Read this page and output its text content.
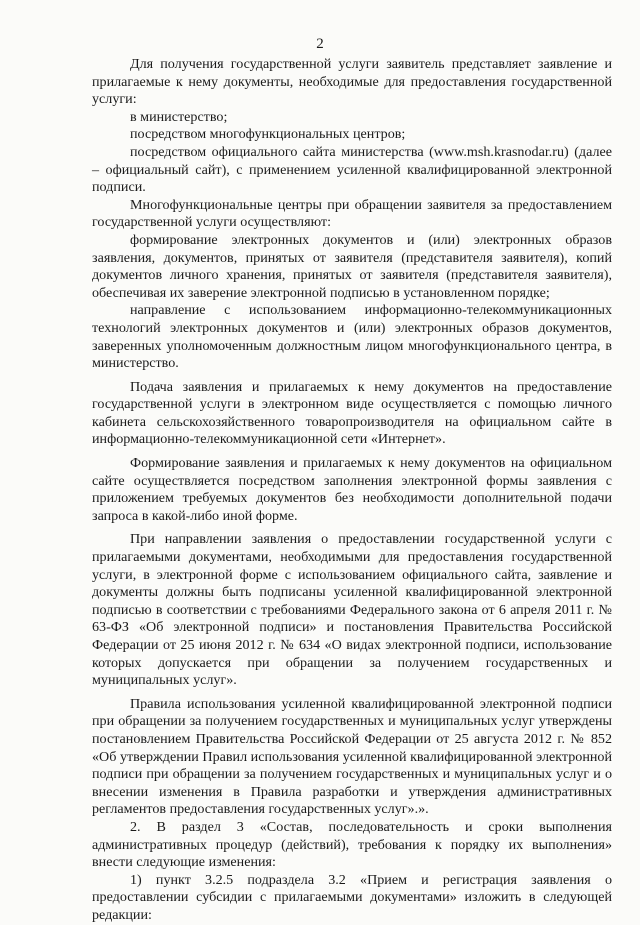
2

Для получения государственной услуги заявитель представляет заявление и прилагаемые к нему документы, необходимые для предоставления государственной услуги:

в министерство;

посредством многофункциональных центров;

посредством официального сайта министерства (www.msh.krasnodar.ru) (далее – официальный сайт), с применением усиленной квалифицированной электронной подписи.

Многофункциональные центры при обращении заявителя за предоставлением государственной услуги осуществляют:

формирование электронных документов и (или) электронных образов заявления, документов, принятых от заявителя (представителя заявителя), копий документов личного хранения, принятых от заявителя (представителя заявителя), обеспечивая их заверение электронной подписью в установленном порядке;

направление с использованием информационно-телекоммуникационных технологий электронных документов и (или) электронных образов документов, заверенных уполномоченным должностным лицом многофункционального центра, в министерство.

Подача заявления и прилагаемых к нему документов на предоставление государственной услуги в электронном виде осуществляется с помощью личного кабинета сельскохозяйственного товаропроизводителя на официальном сайте в информационно-телекоммуникационной сети «Интернет».

Формирование заявления и прилагаемых к нему документов на официальном сайте осуществляется посредством заполнения электронной формы заявления с приложением требуемых документов без необходимости дополнительной подачи запроса в какой-либо иной форме.

При направлении заявления о предоставлении государственной услуги с прилагаемыми документами, необходимыми для предоставления государственной услуги, в электронной форме с использованием официального сайта, заявление и документы должны быть подписаны усиленной квалифицированной электронной подписью в соответствии с требованиями Федерального закона от 6 апреля 2011 г. № 63-ФЗ «Об электронной подписи» и постановления Правительства Российской Федерации от 25 июня 2012 г. № 634 «О видах электронной подписи, использование которых допускается при обращении за получением государственных и муниципальных услуг».

Правила использования усиленной квалифицированной электронной подписи при обращении за получением государственных и муниципальных услуг утверждены постановлением Правительства Российской Федерации от 25 августа 2012 г. № 852 «Об утверждении Правил использования усиленной квалифицированной электронной подписи при обращении за получением государственных и муниципальных услуг и о внесении изменения в Правила разработки и утверждения административных регламентов предоставления государственных услуг».».

2. В раздел 3 «Состав, последовательность и сроки выполнения административных процедур (действий), требования к порядку их выполнения» внести следующие изменения:

1) пункт 3.2.5 подраздела 3.2 «Прием и регистрация заявления о предоставлении субсидии с прилагаемыми документами» изложить в следующей редакции:
